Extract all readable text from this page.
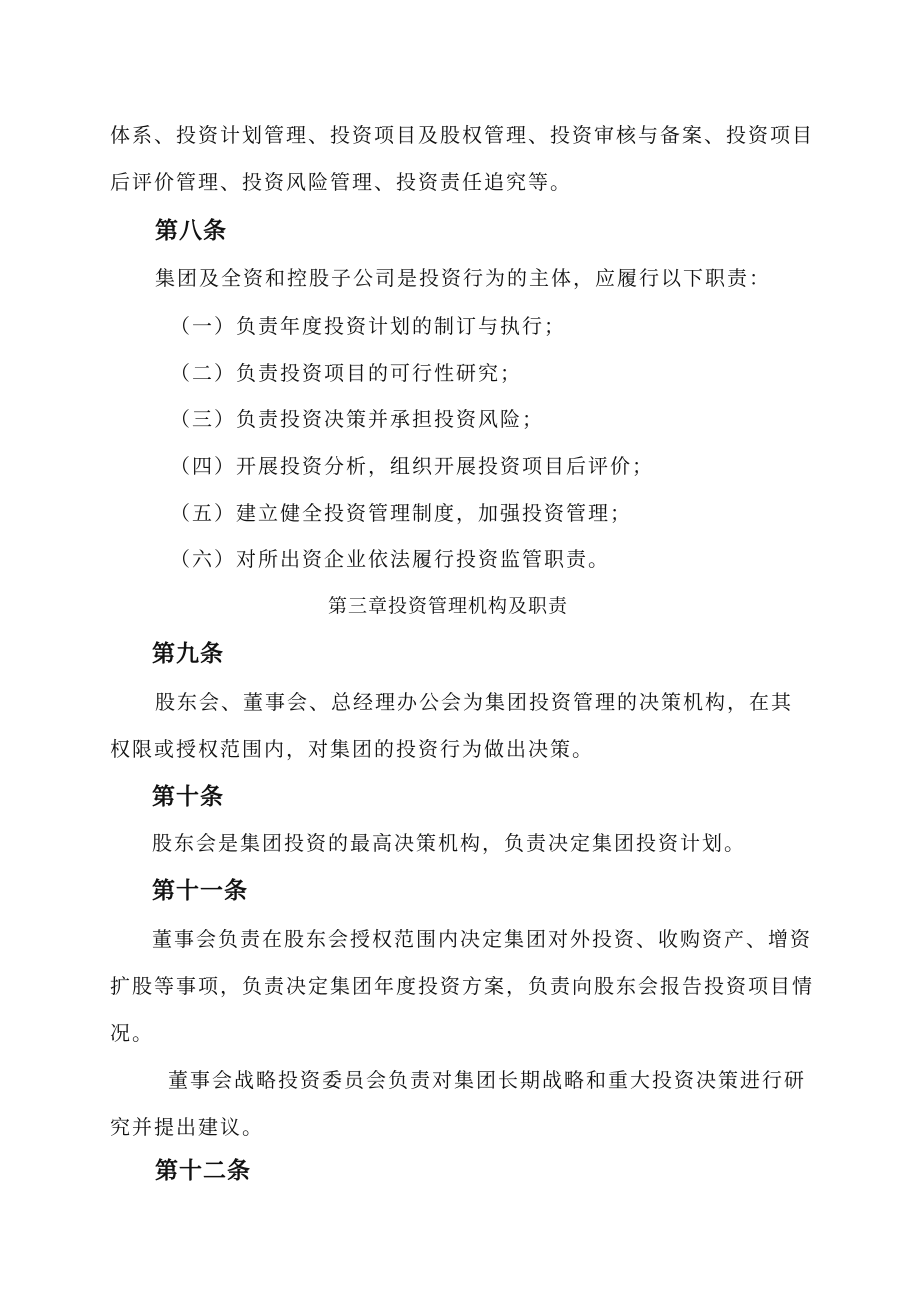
体系、投资计划管理、投资项目及股权管理、投资审核与备案、投资项目
后评价管理、投资风险管理、投资责任追究等。
第八条
集团及全资和控股子公司是投资行为的主体，应履行以下职责：
（一）负责年度投资计划的制订与执行；
（二）负责投资项目的可行性研究；
（三）负责投资决策并承担投资风险；
（四）开展投资分析，组织开展投资项目后评价；
（五）建立健全投资管理制度，加强投资管理；
（六）对所出资企业依法履行投资监管职责。
第三章投资管理机构及职责
第九条
股东会、董事会、总经理办公会为集团投资管理的决策机构，在其
权限或授权范围内，对集团的投资行为做出决策。
第十条
股东会是集团投资的最高决策机构，负责决定集团投资计划。
第十一条
董事会负责在股东会授权范围内决定集团对外投资、收购资产、增资
扩股等事项，负责决定集团年度投资方案，负责向股东会报告投资项目情
况。
董事会战略投资委员会负责对集团长期战略和重大投资决策进行研
究并提出建议。
第十二条
